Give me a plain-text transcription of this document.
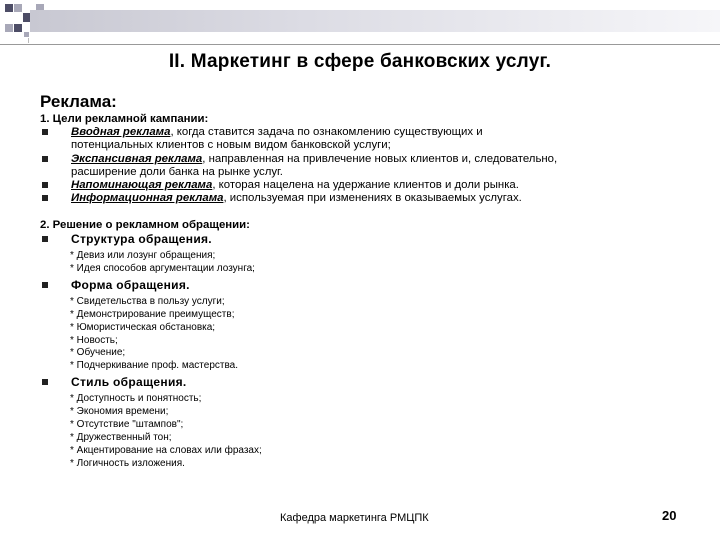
II. Маркетинг в сфере банковских услуг.
Реклама:
1. Цели рекламной кампании:
Вводная реклама, когда ставится задача по ознакомлению существующих и
потенциальных клиентов с новым видом банковской услуги;
Экспансивная реклама, направленная на привлечение новых клиентов и, следовательно,
расширение доли банка на рынке услуг.
Напоминающая реклама, которая нацелена на удержание клиентов и доли рынка.
Информационная реклама, используемая при изменениях в оказываемых услугах.
2. Решение о рекламном обращении:
Структура обращения.
* Девиз или лозунг обращения;
* Идея способов аргументации лозунга;
Форма обращения.
* Свидетельства в пользу услуги;
* Демонстрирование преимуществ;
* Юмористическая обстановка;
* Новость;
* Обучение;
* Подчеркивание проф. мастерства.
Стиль обращения.
* Доступность и понятность;
* Экономия времени;
* Отсутствие "штампов";
* Дружественный тон;
* Акцентирование на словах или фразах;
* Логичность изложения.
Кафедра маркетинга РМЦПК	20
